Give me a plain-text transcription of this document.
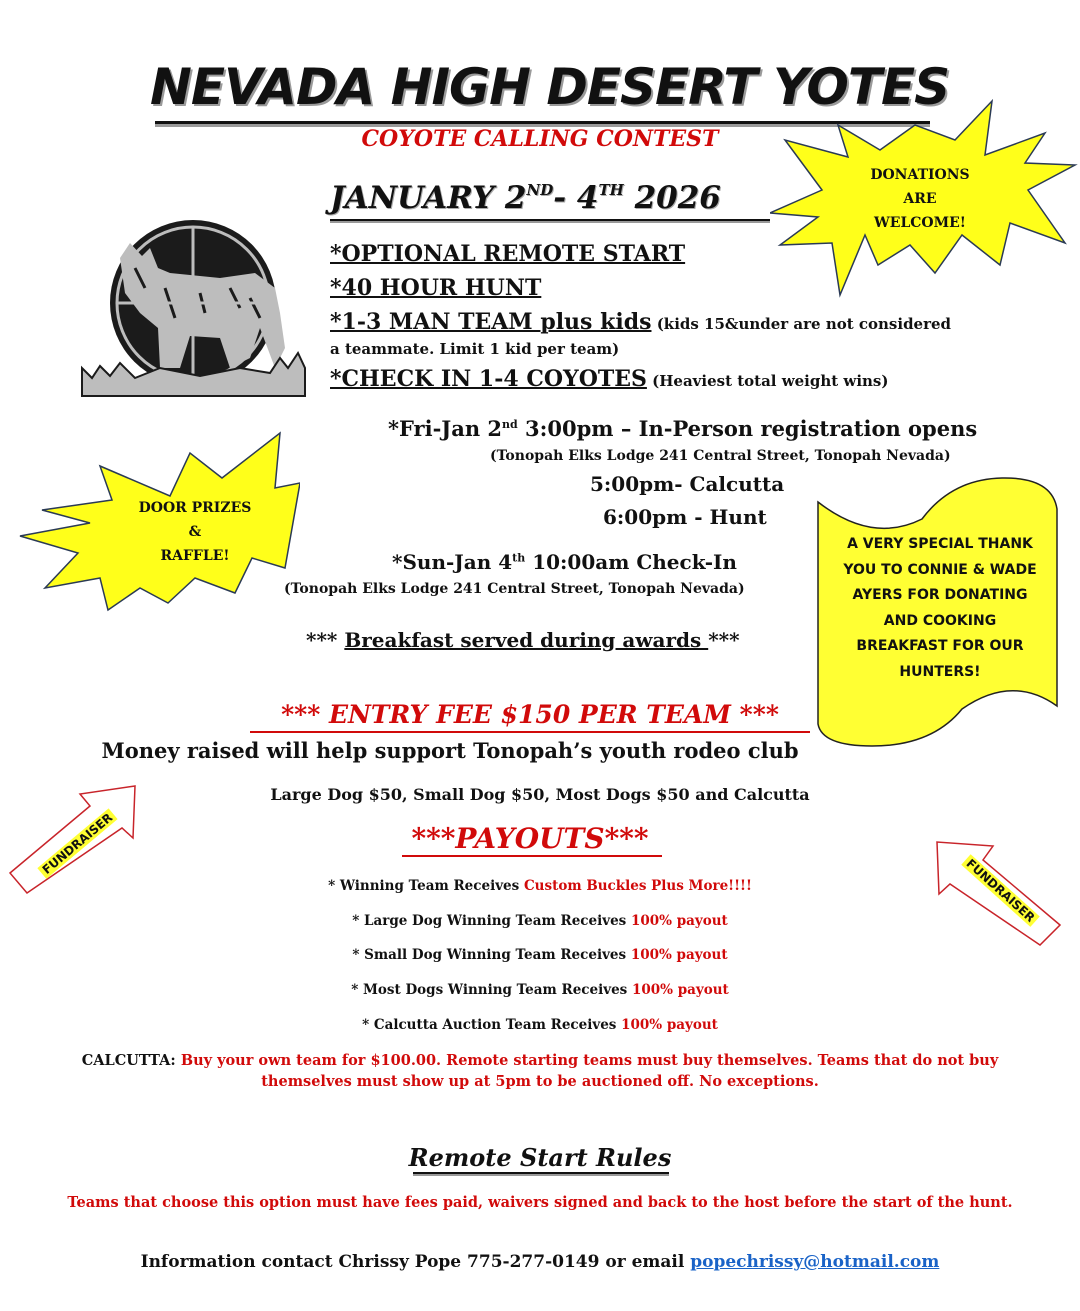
NEVADA HIGH DESERT YOTES
COYOTE CALLING CONTEST
JANUARY 2ND- 4TH 2026
DONATIONS
ARE
WELCOME!
*OPTIONAL REMOTE START
*40 HOUR HUNT
*1-3 MAN TEAM plus kids (kids 15&under are not considered
a teammate. Limit 1 kid per team)
*CHECK IN 1-4 COYOTES (Heaviest total weight wins)
DOOR PRIZES
&
RAFFLE!
*Fri-Jan 2nd 3:00pm – In-Person registration opens
(Tonopah Elks Lodge 241 Central Street, Tonopah Nevada)
5:00pm- Calcutta
6:00pm - Hunt
*Sun-Jan 4th 10:00am Check-In
(Tonopah Elks Lodge 241 Central Street, Tonopah Nevada)
*** Breakfast served during awards ***
A VERY SPECIAL THANK
YOU TO CONNIE & WADE
AYERS FOR DONATING
AND COOKING
BREAKFAST FOR OUR
HUNTERS!
*** ENTRY FEE $150 PER TEAM ***
Money raised will help support Tonopah’s youth rodeo club
Large Dog $50, Small Dog $50, Most Dogs $50 and Calcutta
FUNDRAISER
FUNDRAISER
***PAYOUTS***
* Winning Team Receives Custom Buckles Plus More!!!!
* Large Dog Winning Team Receives 100% payout
* Small Dog Winning Team Receives 100% payout
* Most Dogs Winning Team Receives 100% payout
* Calcutta Auction Team Receives 100% payout
CALCUTTA: Buy your own team for $100.00. Remote starting teams must buy themselves. Teams that do not buy themselves must show up at 5pm to be auctioned off. No exceptions.
Remote Start Rules
Teams that choose this option must have fees paid, waivers signed and back to the host before the start of the hunt.
Information contact Chrissy Pope 775-277-0149 or email popechrissy@hotmail.com
